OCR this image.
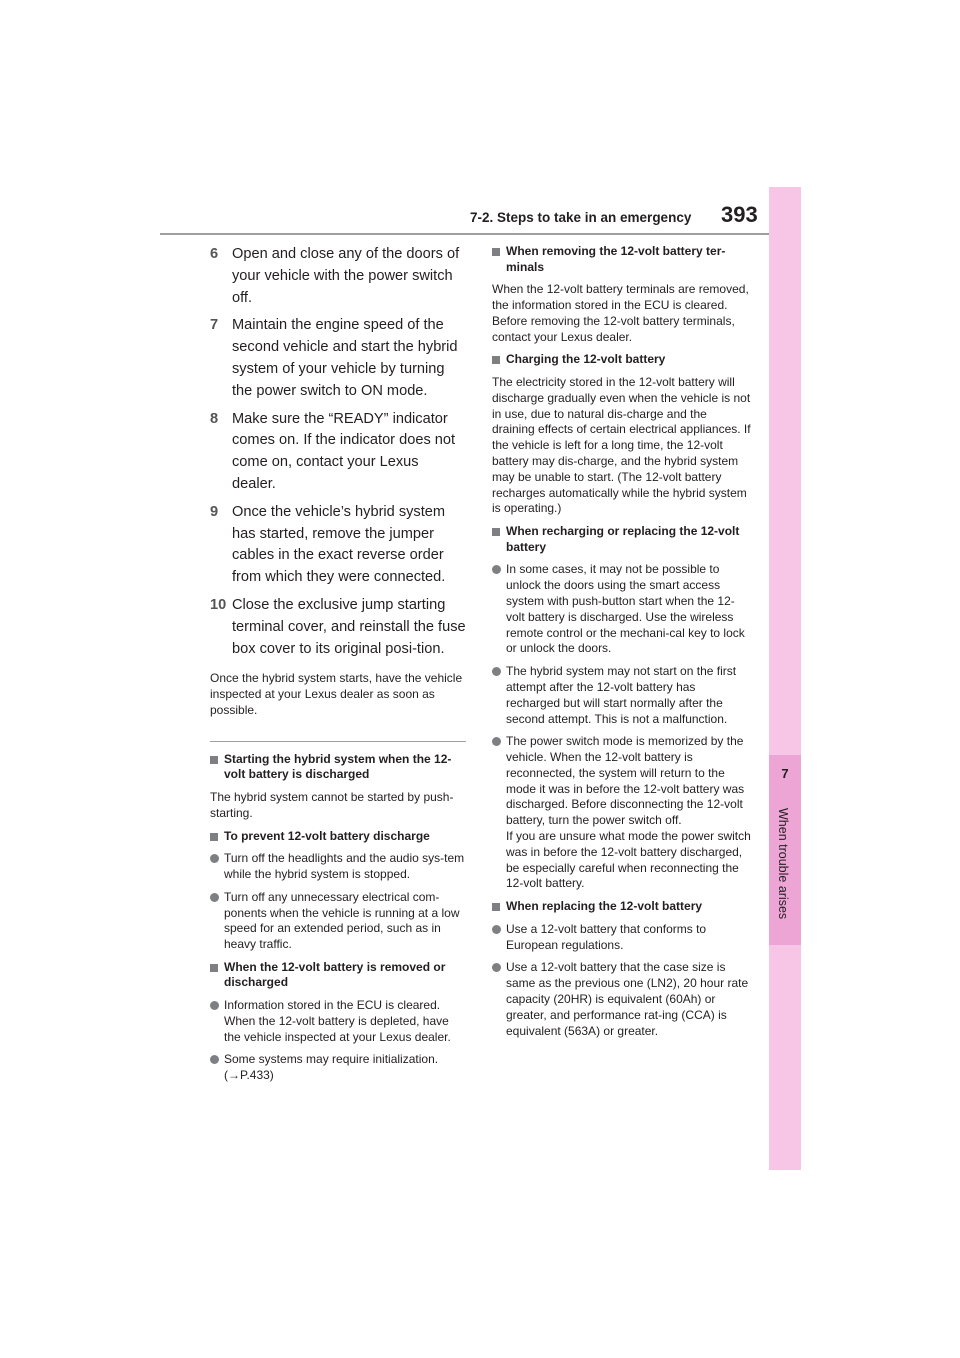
7-2. Steps to take in an emergency 393
7
When trouble arises
6 Open and close any of the doors of your vehicle with the power switch off.
7 Maintain the engine speed of the second vehicle and start the hybrid system of your vehicle by turning the power switch to ON mode.
8 Make sure the “READY” indicator comes on. If the indicator does not come on, contact your Lexus dealer.
9 Once the vehicle’s hybrid system has started, remove the jumper cables in the exact reverse order from which they were connected.
10 Close the exclusive jump starting terminal cover, and reinstall the fuse box cover to its original posi-tion.
Once the hybrid system starts, have the vehicle inspected at your Lexus dealer as soon as possible.
Starting the hybrid system when the 12-volt battery is discharged
The hybrid system cannot be started by push-starting.
To prevent 12-volt battery discharge
Turn off the headlights and the audio sys-tem while the hybrid system is stopped.
Turn off any unnecessary electrical com-ponents when the vehicle is running at a low speed for an extended period, such as in heavy traffic.
When the 12-volt battery is removed or discharged
Information stored in the ECU is cleared. When the 12-volt battery is depleted, have the vehicle inspected at your Lexus dealer.
Some systems may require initialization. (→P.433)
When removing the 12-volt battery ter-minals
When the 12-volt battery terminals are removed, the information stored in the ECU is cleared. Before removing the 12-volt battery terminals, contact your Lexus dealer.
Charging the 12-volt battery
The electricity stored in the 12-volt battery will discharge gradually even when the vehicle is not in use, due to natural dis-charge and the draining effects of certain electrical appliances. If the vehicle is left for a long time, the 12-volt battery may dis-charge, and the hybrid system may be unable to start. (The 12-volt battery recharges automatically while the hybrid system is operating.)
When recharging or replacing the 12-volt battery
In some cases, it may not be possible to unlock the doors using the smart access system with push-button start when the 12-volt battery is discharged. Use the wireless remote control or the mechani-cal key to lock or unlock the doors.
The hybrid system may not start on the first attempt after the 12-volt battery has recharged but will start normally after the second attempt. This is not a malfunction.
The power switch mode is memorized by the vehicle. When the 12-volt battery is reconnected, the system will return to the mode it was in before the 12-volt battery was discharged. Before disconnecting the 12-volt battery, turn the power switch off.
If you are unsure what mode the power switch was in before the 12-volt battery discharged, be especially careful when reconnecting the 12-volt battery.
When replacing the 12-volt battery
Use a 12-volt battery that conforms to European regulations.
Use a 12-volt battery that the case size is same as the previous one (LN2), 20 hour rate capacity (20HR) is equivalent (60Ah) or greater, and performance rat-ing (CCA) is equivalent (563A) or greater.
